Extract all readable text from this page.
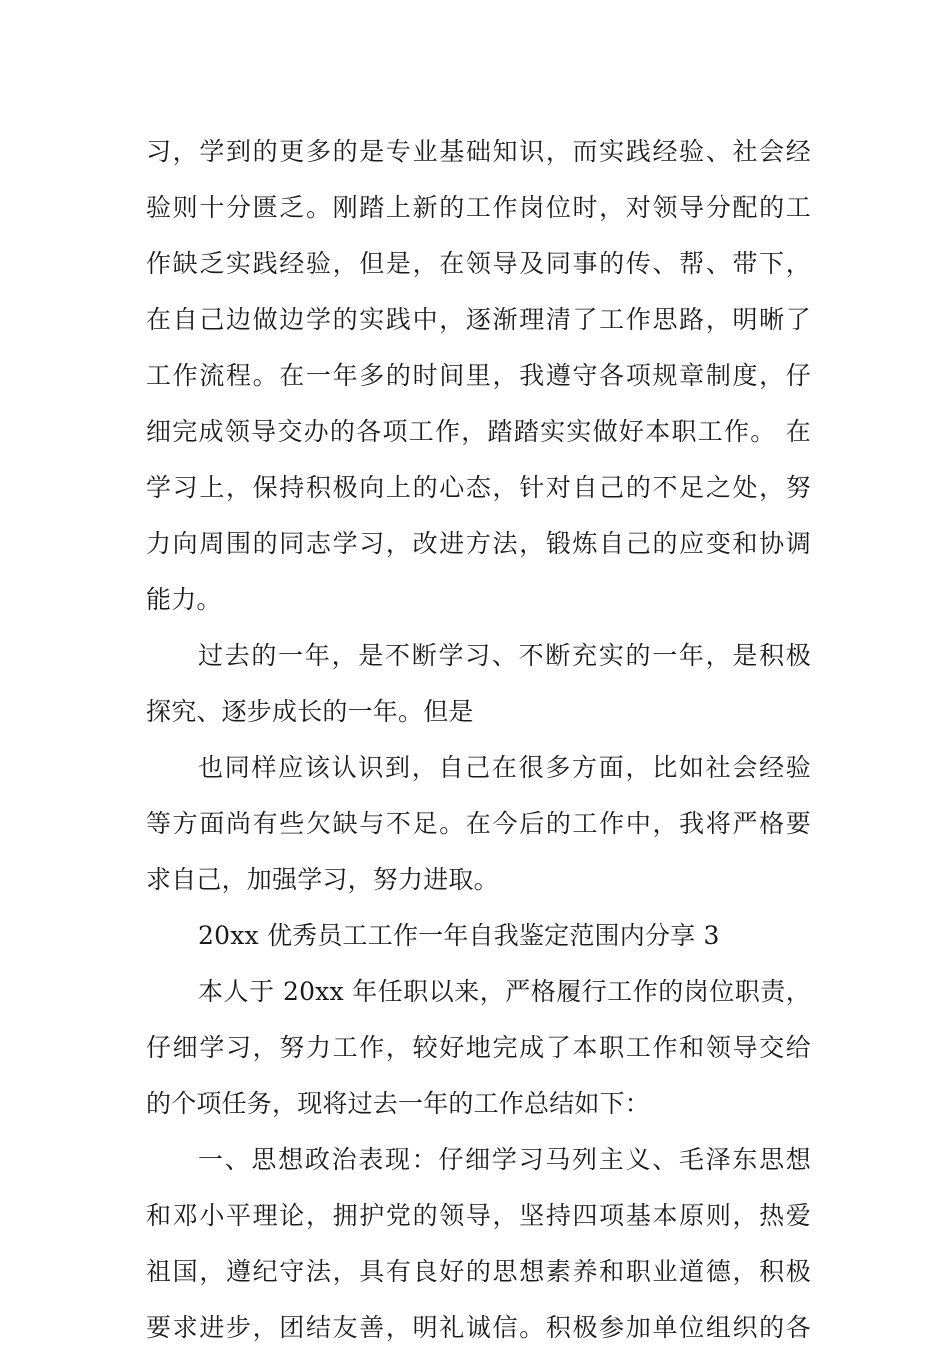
习，学到的更多的是专业基础知识，而实践经验、社会经
验则十分匮乏。刚踏上新的工作岗位时，对领导分配的工
作缺乏实践经验，但是，在领导及同事的传、帮、带下，
在自己边做边学的实践中，逐渐理清了工作思路，明晰了
工作流程。在一年多的时间里，我遵守各项规章制度，仔
细完成领导交办的各项工作，踏踏实实做好本职工作。 在
学习上，保持积极向上的心态，针对自己的不足之处，努
力向周围的同志学习，改进方法，锻炼自己的应变和协调
能力。
过去的一年，是不断学习、不断充实的一年，是积极
探究、逐步成长的一年。但是
也同样应该认识到，自己在很多方面，比如社会经验
等方面尚有些欠缺与不足。在今后的工作中，我将严格要
求自己，加强学习，努力进取。
20xx 优秀员工工作一年自我鉴定范围内分享 3
本人于 20xx 年任职以来，严格履行工作的岗位职责，
仔细学习，努力工作，较好地完成了本职工作和领导交给
的个项任务，现将过去一年的工作总结如下：
一、思想政治表现：仔细学习马列主义、毛泽东思想
和邓小平理论，拥护党的领导，坚持四项基本原则，热爱
祖国，遵纪守法，具有良好的思想素养和职业道德，积极
要求进步，团结友善，明礼诚信。积极参加单位组织的各
